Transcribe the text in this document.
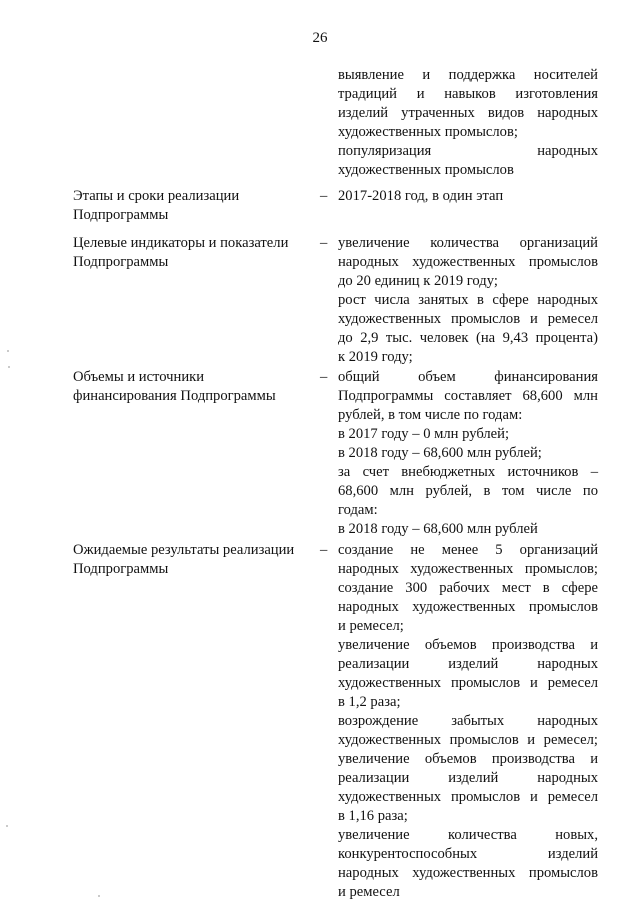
26
выявление и поддержка носителей
традиций и навыков изготовления
изделий утраченных видов народных
художественных промыслов;
популяризация народных
художественных промыслов
Этапы и сроки реализации
Подпрограммы
– 2017-2018 год, в один этап
Целевые индикаторы и показатели
Подпрограммы
– увеличение количества организаций
народных художественных промыслов
до 20 единиц к 2019 году;
рост числа занятых в сфере народных
художественных промыслов и ремесел
до 2,9 тыс. человек (на 9,43 процента)
к 2019 году;
Объемы и источники
финансирования Подпрограммы
– общий объем финансирования
Подпрограммы составляет 68,600 млн
рублей, в том числе по годам:
в 2017 году – 0 млн рублей;
в 2018 году – 68,600 млн рублей;
за счет внебюджетных источников –
68,600 млн рублей, в том числе по
годам:
в 2018 году – 68,600 млн рублей
Ожидаемые результаты реализации
Подпрограммы
– создание не менее 5 организаций
народных художественных промыслов;
создание 300 рабочих мест в сфере
народных художественных промыслов
и ремесел;
увеличение объемов производства и
реализации изделий народных
художественных промыслов и ремесел
в 1,2 раза;
возрождение забытых народных
художественных промыслов и ремесел;
увеличение объемов производства и
реализации изделий народных
художественных промыслов и ремесел
в 1,16 раза;
увеличение количества новых,
конкурентоспособных изделий
народных художественных промыслов
и ремесел
